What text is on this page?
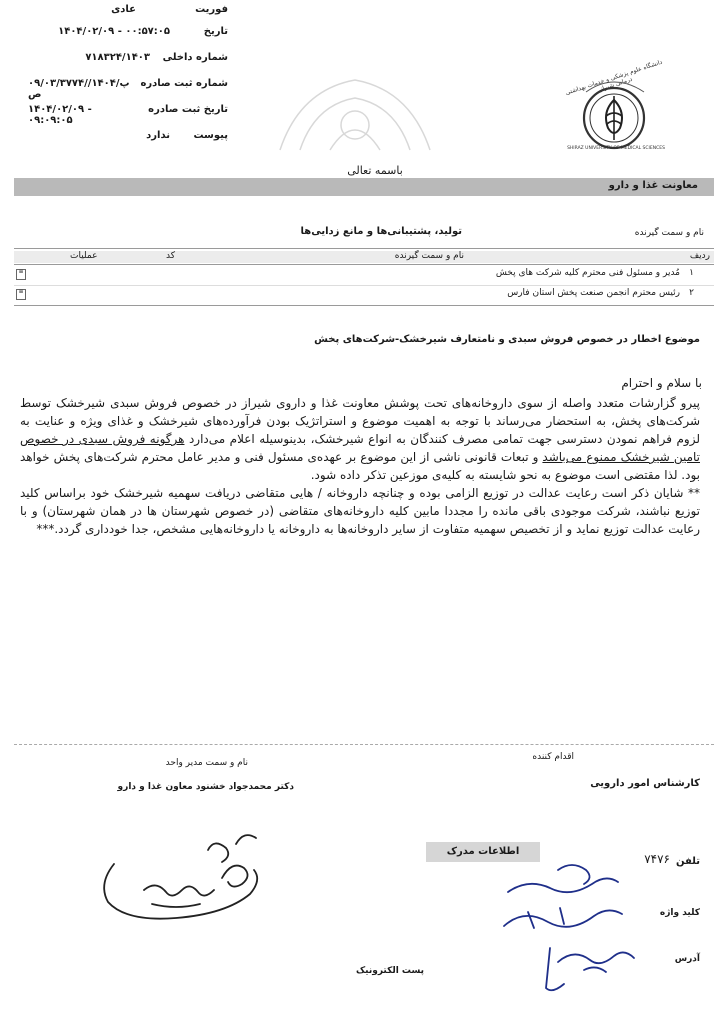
فوریت
عادی
تاریخ
۱۴۰۴/۰۲/۰۹ - ۰۰:۵۷:۰۵
شماره داخلی
۷۱۸۳۲۴/۱۴۰۳
شماره ثبت صادره
۰۹/۰۳/۳۷۷۴/پ/۱۴۰۴/ص
تاریخ ثبت صادره
۱۴۰۴/۰۲/۰۹ - ۰۹:۰۹:۰۵
پیوست
ندارد
دانشگاه علوم پزشکی و خدمات بهداشتی درمانی شیراز
SHIRAZ UNIVERSITY OF MEDICAL SCIENCES
باسمه تعالی
معاونت غذا و دارو
تولید، پشتیبانی‌ها و مانع زدایی‌ها	نام و سمت گیرنده
ردیف
نام و سمت گیرنده
کد
عملیات
۱
مُدیر و مسئول فنی محترم کلیه شرکت های پخش
≡
۲
رئیس محترم انجمن صنعت پخش استان فارس
≡
موضوع اخطار در خصوص فروش سبدی و نامتعارف شیرخشک-شرکت‌های پخش
با سلام و احترام

پیرو گزارشات متعدد واصله از سوی داروخانه‌های تحت پوشش معاونت غذا و داروی شیراز در خصوص فروش سبدی شیرخشک توسط شرکت‌های پخش، به استحضار می‌رساند با توجه به اهمیت موضوع و استراتژیک بودن فرآورده‌های شیرخشک و غذای ویژه و عنایت به لزوم فراهم نمودن دسترسی جهت تمامی مصرف کنندگان به انواع شیرخشک، بدینوسیله اعلام می‌دارد هرگونه فروش سبدی در خصوص تامین شیرخشک ممنوع می‌باشد و تبعات قانونی ناشی از این موضوع بر عهده‌ی مسئول فنی و مدیر عامل محترم شرکت‌های پخش خواهد بود. لذا مقتضی است موضوع به نحو شایسته به کلیه‌ی موزعین تذکر داده شود.

** شایان ذکر است رعایت عدالت در توزیع الزامی بوده و چنانچه داروخانه / هایی متقاضی دریافت سهمیه شیرخشک خود براساس کلید توزیع نباشند، شرکت موجودی باقی مانده را مجددا مابین کلیه داروخانه‌های متقاضی (در خصوص شهرستان ها در همان شهرستان) و با رعایت عدالت توزیع نماید و از تخصیص سهمیه متفاوت از سایر داروخانه‌ها به داروخانه یا داروخانه‌هایی مشخص، جدا خودداری گردد.***

اقدام کننده
نام و سمت مدیر واحد
دکتر محمدجواد خشنود معاون غذا و دارو	کارشناس امور دارویی
اطلاعات مدرک
تلفن
۷۴۷۶
کلید واژه
آدرس
پست الکترونیک
